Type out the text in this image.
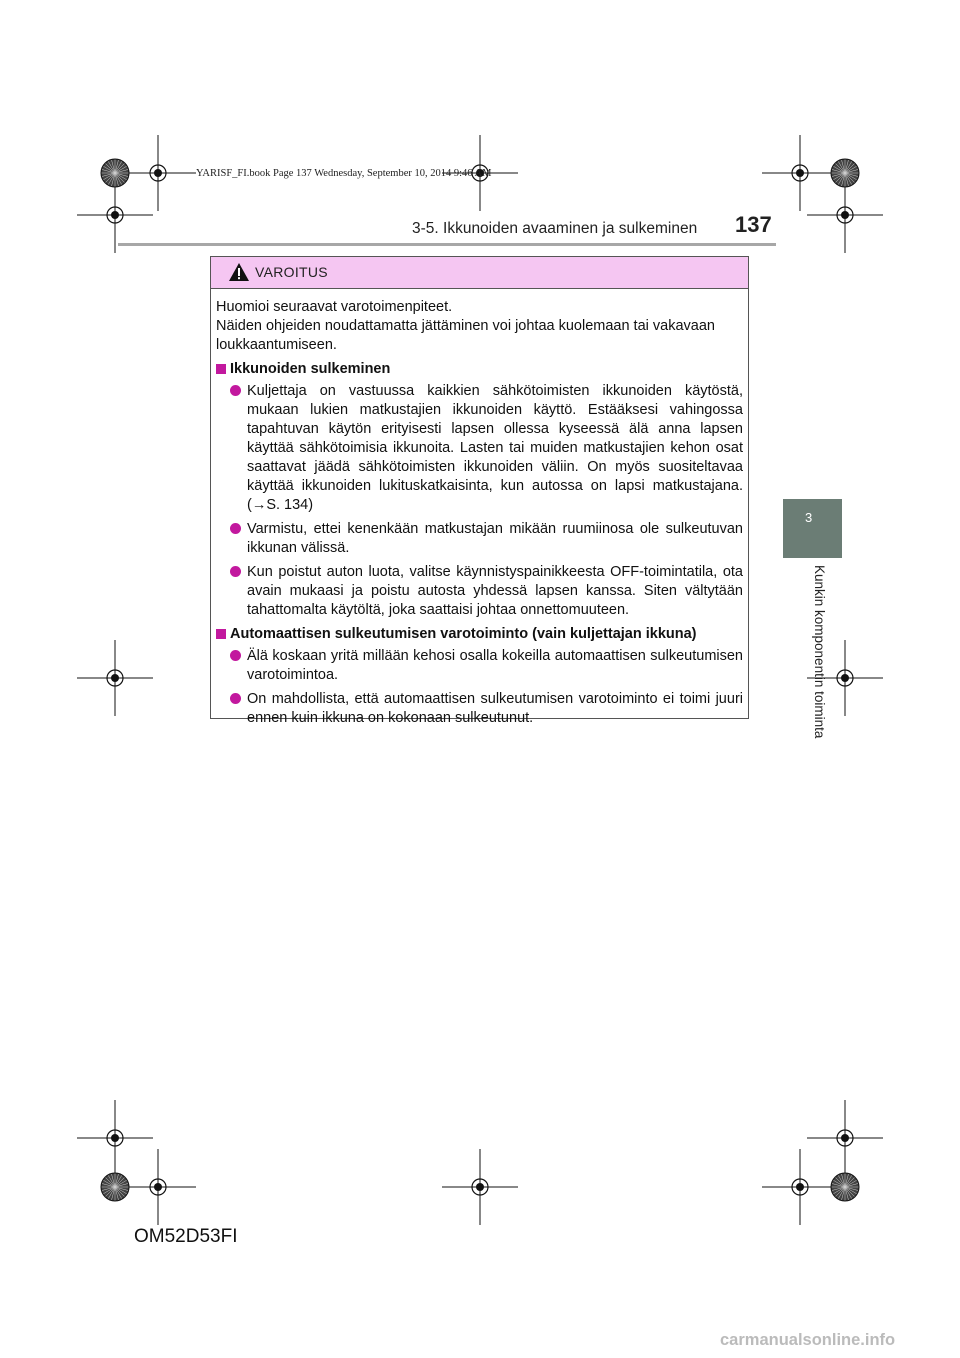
YARISF_FI.book Page 137 Wednesday, September 10, 2014 9:46 AM
3-5. Ikkunoiden avaaminen ja sulkeminen 137
3
Kunkin komponentin toiminta
VAROITUS

Huomioi seuraavat varotoimenpiteet.
Näiden ohjeiden noudattamatta jättäminen voi johtaa kuolemaan tai vakavaan loukkaantumiseen.

Ikkunoiden sulkeminen
Kuljettaja on vastuussa kaikkien sähkötoimisten ikkunoiden käytöstä, mukaan lukien matkustajien ikkunoiden käyttö. Estääksesi vahingossa tapahtuvan käytön erityisesti lapsen ollessa kyseessä älä anna lapsen käyttää sähkötoimisia ikkunoita. Lasten tai muiden matkustajien kehon osat saattavat jäädä sähkötoimisten ikkunoiden väliin. On myös suositeltavaa käyttää ikkunoiden lukituskatkaisinta, kun autossa on lapsi matkustajana. (→S. 134)
Varmistu, ettei kenenkään matkustajan mikään ruumiinosa ole sulkeutuvan ikkunan välissä.
Kun poistut auton luota, valitse käynnistyspainikkeesta OFF-toimintatila, ota avain mukaasi ja poistu autosta yhdessä lapsen kanssa. Siten vältytään tahattomalta käytöltä, joka saattaisi johtaa onnettomuuteen.
Automaattisen sulkeutumisen varotoiminto (vain kuljettajan ikkuna)
Älä koskaan yritä millään kehosi osalla kokeilla automaattisen sulkeutumisen varotoimintoa.
On mahdollista, että automaattisen sulkeutumisen varotoiminto ei toimi juuri ennen kuin ikkuna on kokonaan sulkeutunut.
OM52D53FI
carmanualsonline.info
